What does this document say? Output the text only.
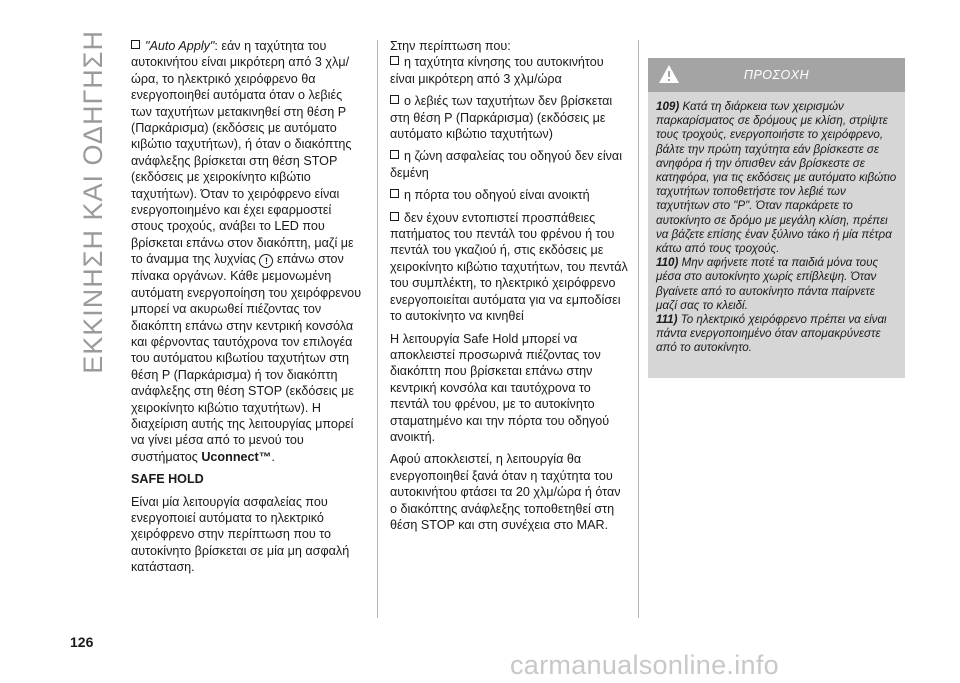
ΕΚΚΙΝΗΣΗ ΚΑΙ ΟΔΗΓΗΣΗ
126

"Auto Apply": εάν η ταχύτητα του αυτοκινήτου είναι μικρότερη από 3 χλμ/ώρα, το ηλεκτρικό χειρόφρενο θα ενεργοποιηθεί αυτόματα όταν ο λεβιές των ταχυτήτων μετακινηθεί στη θέση P (Παρκάρισμα) (εκδόσεις με αυτόματο κιβώτιο ταχυτήτων), ή όταν ο διακόπτης ανάφλεξης βρίσκεται στη θέση STOP (εκδόσεις με χειροκίνητο κιβώτιο ταχυτήτων). Όταν το χειρόφρενο είναι ενεργοποιημένο και έχει εφαρμοστεί στους τροχούς, ανάβει το LED που βρίσκεται επάνω στον διακόπτη, μαζί με το άναμμα της λυχνίας ! επάνω στον πίνακα οργάνων. Κάθε μεμονωμένη αυτόματη ενεργοποίηση του χειρόφρενου μπορεί να ακυρωθεί πιέζοντας τον διακόπτη επάνω στην κεντρική κονσόλα και φέρνοντας ταυτόχρονα τον επιλογέα του αυτόματου κιβωτίου ταχυτήτων στη θέση P (Παρκάρισμα) ή τον διακόπτη ανάφλεξης στη θέση STOP (εκδόσεις με χειροκίνητο κιβώτιο ταχυτήτων). Η διαχείριση αυτής της λειτουργίας μπορεί να γίνει μέσα από το μενού του συστήματος Uconnect™.

SAFE HOLD

Είναι μία λειτουργία ασφαλείας που ενεργοποιεί αυτόματα το ηλεκτρικό χειρόφρενο στην περίπτωση που το αυτοκίνητο βρίσκεται σε μία μη ασφαλή κατάσταση.

Στην περίπτωση που:

η ταχύτητα κίνησης του αυτοκινήτου είναι μικρότερη από 3 χλμ/ώρα

ο λεβιές των ταχυτήτων δεν βρίσκεται στη θέση P (Παρκάρισμα) (εκδόσεις με αυτόματο κιβώτιο ταχυτήτων)

η ζώνη ασφαλείας του οδηγού δεν είναι δεμένη

η πόρτα του οδηγού είναι ανοικτή

δεν έχουν εντοπιστεί προσπάθειες πατήματος του πεντάλ του φρένου ή του πεντάλ του γκαζιού ή, στις εκδόσεις με χειροκίνητο κιβώτιο ταχυτήτων, του πεντάλ του συμπλέκτη, το ηλεκτρικό χειρόφρενο ενεργοποιείται αυτόματα για να εμποδίσει το αυτοκίνητο να κινηθεί

Η λειτουργία Safe Hold μπορεί να αποκλειστεί προσωρινά πιέζοντας τον διακόπτη που βρίσκεται επάνω στην κεντρική κονσόλα και ταυτόχρονα το πεντάλ του φρένου, με το αυτοκίνητο σταματημένο και την πόρτα του οδηγού ανοικτή.

Αφού αποκλειστεί, η λειτουργία θα ενεργοποιηθεί ξανά όταν η ταχύτητα του αυτοκινήτου φτάσει τα 20 χλμ/ώρα ή όταν ο διακόπτης ανάφλεξης τοποθετηθεί στη θέση STOP και στη συνέχεια στο MAR.

ΠΡΟΣΟΧΗ

109) Κατά τη διάρκεια των χειρισμών παρκαρίσματος σε δρόμους με κλίση, στρίψτε τους τροχούς, ενεργοποιήστε το χειρόφρενο, βάλτε την πρώτη ταχύτητα εάν βρίσκεστε σε ανηφόρα ή την όπισθεν εάν βρίσκεστε σε κατηφόρα, για τις εκδόσεις με αυτόματο κιβώτιο ταχυτήτων τοποθετήστε τον λεβιέ των ταχυτήτων στο "P". Όταν παρκάρετε το αυτοκίνητο σε δρόμο με μεγάλη κλίση, πρέπει να βάζετε επίσης έναν ξύλινο τάκο ή μία πέτρα κάτω από τους τροχούς.

110) Μην αφήνετε ποτέ τα παιδιά μόνα τους μέσα στο αυτοκίνητο χωρίς επίβλεψη. Όταν βγαίνετε από το αυτοκίνητο πάντα παίρνετε μαζί σας το κλειδί.

111) Το ηλεκτρικό χειρόφρενο πρέπει να είναι πάντα ενεργοποιημένο όταν απομακρύνεστε από το αυτοκίνητο.

carmanualsonline.info
